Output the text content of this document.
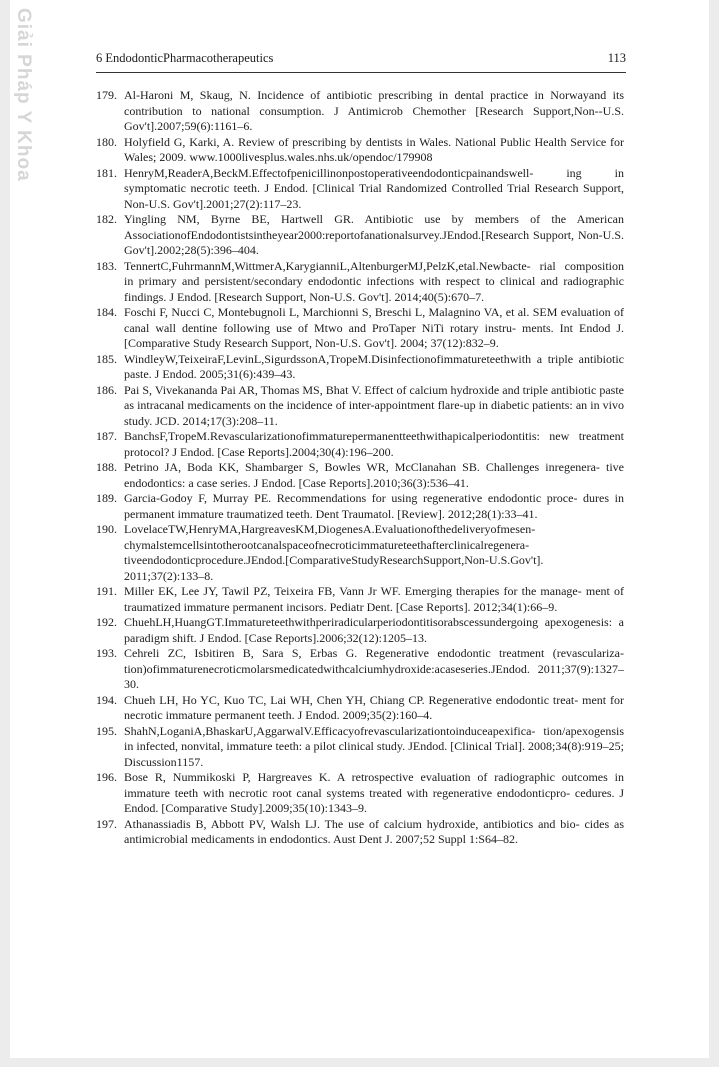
Giải Pháp Y Khoa	6 EndodonticPharmacotherapeutics	113
179. Al-Haroni M, Skaug, N. Incidence of antibiotic prescribing in dental practice in Norwayand its contribution to national consumption. J Antimicrob Chemother [Research Support,Non--U.S. Gov't].2007;59(6):1161–6.
180. Holyfield G, Karki, A. Review of prescribing by dentists in Wales. National Public Health Service for Wales; 2009. www.1000livesplus.wales.nhs.uk/opendoc/179908
181. HenryM,ReaderA,BeckM.Effectofpenicillinonpostoperativeendodonticpainandswell- ing in symptomatic necrotic teeth. J Endod. [Clinical Trial Randomized Controlled Trial Research Support, Non-U.S. Gov't].2001;27(2):117–23.
182. Yingling NM, Byrne BE, Hartwell GR. Antibiotic use by members of the American AssociationofEndodontistsintheyear2000:reportofanationalsurvey.JEndod.[Research Support, Non-U.S. Gov't].2002;28(5):396–404.
183. TennertC,FuhrmannM,WittmerA,KarygianniL,AltenburgerMJ,PelzK,etal.Newbacte- rial composition in primary and persistent/secondary endodontic infections with respect to clinical and radiographic findings. J Endod. [Research Support, Non-U.S. Gov't]. 2014;40(5):670–7.
184. Foschi F, Nucci C, Montebugnoli L, Marchionni S, Breschi L, Malagnino VA, et al. SEM evaluation of canal wall dentine following use of Mtwo and ProTaper NiTi rotary instru- ments. Int Endod J. [Comparative Study Research Support, Non-U.S. Gov't]. 2004; 37(12):832–9.
185. WindleyW,TeixeiraF,LevinL,SigurdssonA,TropeM.Disinfectionofimmatureteethwith a triple antibiotic paste. J Endod. 2005;31(6):439–43.
186. Pai S, Vivekananda Pai AR, Thomas MS, Bhat V. Effect of calcium hydroxide and triple antibiotic paste as intracanal medicaments on the incidence of inter-appointment flare-up in diabetic patients: an in vivo study. JCD. 2014;17(3):208–11.
187. BanchsF,TropeM.Revascularizationofimmaturepermanentteethwithapicalperiodontitis: new treatment protocol? J Endod. [Case Reports].2004;30(4):196–200.
188. Petrino JA, Boda KK, Shambarger S, Bowles WR, McClanahan SB. Challenges inregenera- tive endodontics: a case series. J Endod. [Case Reports].2010;36(3):536–41.
189. Garcia-Godoy F, Murray PE. Recommendations for using regenerative endodontic proce- dures in permanent immature traumatized teeth. Dent Traumatol. [Review]. 2012;28(1):33–41.
190. LovelaceTW,HenryMA,HargreavesKM,DiogenesA.Evaluationofthedeliveryofmesen- chymalstemcellsintotherootcanalspaceofnecroticimmatureteethafterclinicalregenera- tiveendodonticprocedure.JEndod.[ComparativeStudyResearchSupport,Non-U.S.Gov't]. 2011;37(2):133–8.
191. Miller EK, Lee JY, Tawil PZ, Teixeira FB, Vann Jr WF. Emerging therapies for the manage- ment of traumatized immature permanent incisors. Pediatr Dent. [Case Reports]. 2012;34(1):66–9.
192. ChuehLH,HuangGT.Immatureteethwithperiradicularperiodontitisorabscessundergoing apexogenesis: a paradigm shift. J Endod. [Case Reports].2006;32(12):1205–13.
193. Cehreli ZC, Isbitiren B, Sara S, Erbas G. Regenerative endodontic treatment (revasculariza- tion)ofimmaturenecroticmolarsmedicatedwithcalciumhydroxide:acaseseries.JEndod. 2011;37(9):1327–30.
194. Chueh LH, Ho YC, Kuo TC, Lai WH, Chen YH, Chiang CP. Regenerative endodontic treat- ment for necrotic immature permanent teeth. J Endod. 2009;35(2):160–4.
195. ShahN,LoganiA,BhaskarU,AggarwalV.Efficacyofrevascularizationtoinduceapexifica- tion/apexogensis in infected, nonvital, immature teeth: a pilot clinical study. JEndod. [Clinical Trial]. 2008;34(8):919–25; Discussion1157.
196. Bose R, Nummikoski P, Hargreaves K. A retrospective evaluation of radiographic outcomes in immature teeth with necrotic root canal systems treated with regenerative endodonticpro- cedures. J Endod. [Comparative Study].2009;35(10):1343–9.
197. Athanassiadis B, Abbott PV, Walsh LJ. The use of calcium hydroxide, antibiotics and bio- cides as antimicrobial medicaments in endodontics. Aust Dent J. 2007;52 Suppl 1:S64–82.
